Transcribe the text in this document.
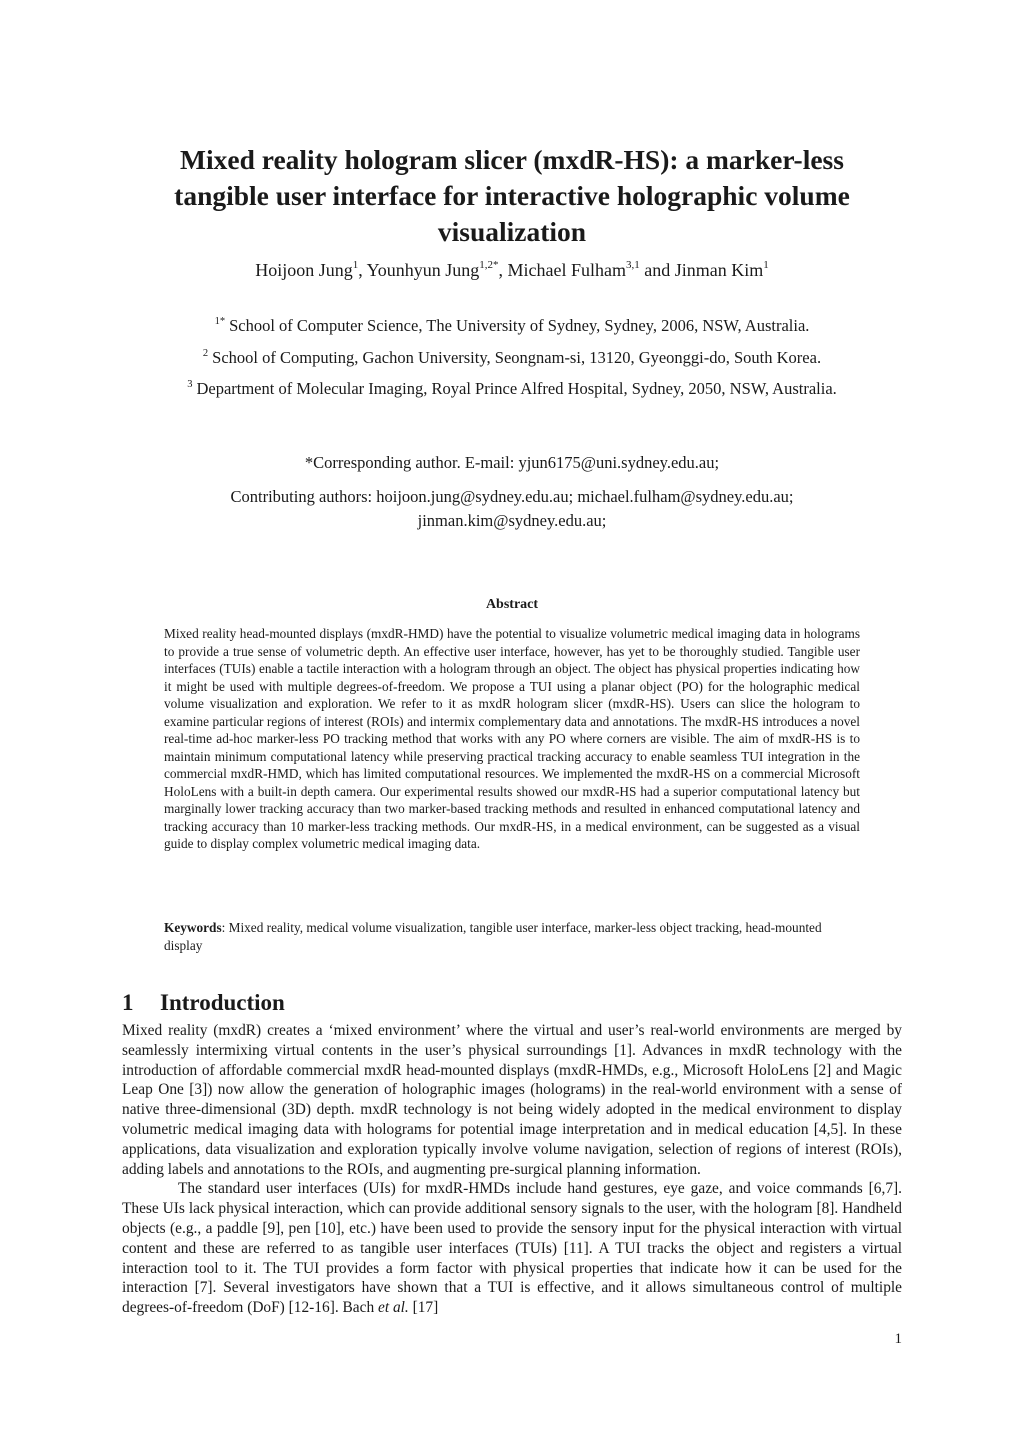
Mixed reality hologram slicer (mxdR-HS): a marker-less
tangible user interface for interactive holographic volume
visualization
Hoijoon Jung$^1$, Younhyun Jung$^{1,2*}$, Michael Fulham$^{3,1}$ and Jinman Kim$^1$
$^{1*}$ School of Computer Science, The University of Sydney, Sydney, 2006, NSW, Australia.
$^2$ School of Computing, Gachon University, Seongnam-si, 13120, Gyeonggi-do, South Korea.
$^3$ Department of Molecular Imaging, Royal Prince Alfred Hospital, Sydney, 2050, NSW, Australia.
*Corresponding author. E-mail: yjun6175@uni.sydney.edu.au;
Contributing authors: hoijoon.jung@sydney.edu.au; michael.fulham@sydney.edu.au;
jinman.kim@sydney.edu.au;
Abstract
Mixed reality head-mounted displays (mxdR-HMD) have the potential to visualize volumetric medical imaging data in holograms to provide a true sense of volumetric depth. An effective user interface, however, has yet to be thoroughly studied. Tangible user interfaces (TUIs) enable a tactile interaction with a hologram through an object. The object has physical properties indicating how it might be used with multiple degrees-of-freedom. We propose a TUI using a planar object (PO) for the holographic medical volume visualization and exploration. We refer to it as mxdR hologram slicer (mxdR-HS). Users can slice the hologram to examine particular regions of interest (ROIs) and intermix complementary data and annotations. The mxdR-HS introduces a novel real-time ad-hoc marker-less PO tracking method that works with any PO where corners are visible. The aim of mxdR-HS is to maintain minimum computational latency while preserving practical tracking accuracy to enable seamless TUI integration in the commercial mxdR-HMD, which has limited computational resources. We implemented the mxdR-HS on a commercial Microsoft HoloLens with a built-in depth camera. Our experimental results showed our mxdR-HS had a superior computational latency but marginally lower tracking accuracy than two marker-based tracking methods and resulted in enhanced computational latency and tracking accuracy than 10 marker-less tracking methods. Our mxdR-HS, in a medical environment, can be suggested as a visual guide to display complex volumetric medical imaging data.
Keywords: Mixed reality, medical volume visualization, tangible user interface, marker-less object tracking, head-mounted display
1 Introduction

Mixed reality (mxdR) creates a ‘mixed environment’ where the virtual and user’s real-world environments are merged by seamlessly intermixing virtual contents in the user’s physical surroundings [1]. Advances in mxdR technology with the introduction of affordable commercial mxdR head-mounted displays (mxdR-HMDs, e.g., Microsoft HoloLens [2] and Magic Leap One [3]) now allow the generation of holographic images (holograms) in the real-world environment with a sense of native three-dimensional (3D) depth. mxdR technology is not being widely adopted in the medical environment to display volumetric medical imaging data with holograms for potential image interpretation and in medical education [4,5]. In these applications, data visualization and exploration typically involve volume navigation, selection of regions of interest (ROIs), adding labels and annotations to the ROIs, and augmenting pre-surgical planning information.

The standard user interfaces (UIs) for mxdR-HMDs include hand gestures, eye gaze, and voice commands [6,7]. These UIs lack physical interaction, which can provide additional sensory signals to the user, with the hologram [8]. Handheld objects (e.g., a paddle [9], pen [10], etc.) have been used to provide the sensory input for the physical interaction with virtual content and these are referred to as tangible user interfaces (TUIs) [11]. A TUI tracks the object and registers a virtual interaction tool to it. The TUI provides a form factor with physical properties that indicate how it can be used for the interaction [7]. Several investigators have shown that a TUI is effective, and it allows simultaneous control of multiple degrees-of-freedom (DoF) [12-16]. Bach et al. [17]

1
